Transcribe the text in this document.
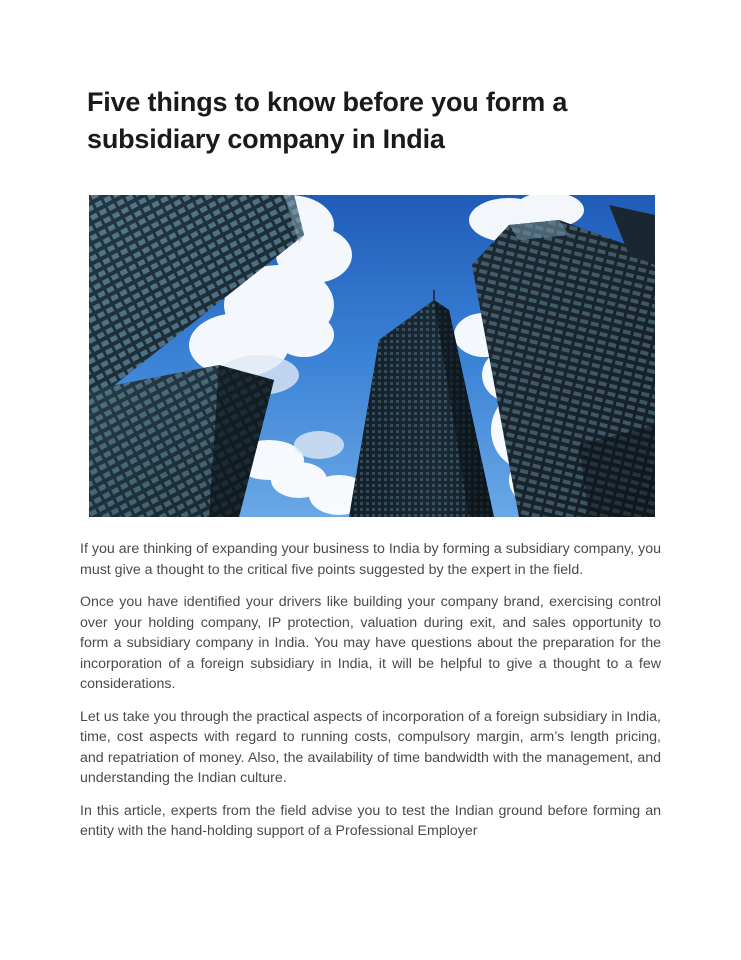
Five things to know before you form a subsidiary company in India

If you are thinking of expanding your business to India by forming a subsidiary company, you must give a thought to the critical five points suggested by the expert in the field.

Once you have identified your drivers like building your company brand, exercising control over your holding company, IP protection, valuation during exit, and sales opportunity to form a subsidiary company in India. You may have questions about the preparation for the incorporation of a foreign subsidiary in India, it will be helpful to give a thought to a few considerations.

Let us take you through the practical aspects of incorporation of a foreign subsidiary in India, time, cost aspects with regard to running costs, compulsory margin, arm’s length pricing, and repatriation of money. Also, the availability of time bandwidth with the management, and understanding the Indian culture.

In this article, experts from the field advise you to test the Indian ground before forming an entity with the hand-holding support of a Professional Employer
